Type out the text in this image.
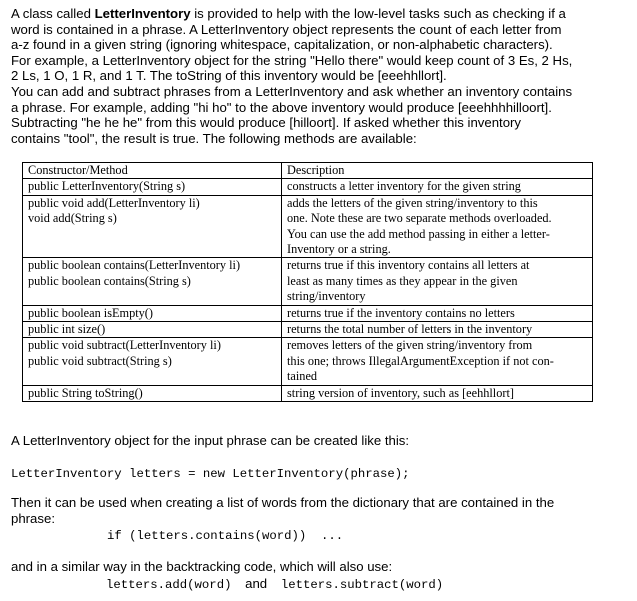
A class called LetterInventory is provided to help with the low-level tasks such as checking if a
word is contained in a phrase. A LetterInventory object represents the count of each letter from
a-z found in a given string (ignoring whitespace, capitalization, or non-alphabetic characters).
For example, a LetterInventory object for the string "Hello there" would keep count of 3 Es, 2 Hs,
2 Ls, 1 O, 1 R, and 1 T. The toString of this inventory would be [eeehhllort].
You can add and subtract phrases from a LetterInventory and ask whether an inventory contains
a phrase. For example, adding "hi ho" to the above inventory would produce [eeehhhhilloort].
Subtracting "he he he" from this would produce [hilloort]. If asked whether this inventory
contains "tool", the result is true. The following methods are available:
Constructor/Method	Description

public LetterInventory(String s)	constructs a letter inventory for the given string

public void add(LetterInventory li)
void add(String s)	adds the letters of the given string/inventory to this
one. Note these are two separate methods overloaded.
You can use the add method passing in either a letter-
Inventory or a string.

public boolean contains(LetterInventory li)
public boolean contains(String s)	returns true if this inventory contains all letters at
least as many times as they appear in the given
string/inventory

public boolean isEmpty()	returns true if the inventory contains no letters

public int size()	returns the total number of letters in the inventory

public void subtract(LetterInventory li)
public void subtract(String s)	removes letters of the given string/inventory from
this one; throws IllegalArgumentException if not con-
tained

public String toString()	string version of inventory, such as [eehhllort]

A LetterInventory object for the input phrase can be created like this:

LetterInventory letters = new LetterInventory(phrase);

Then it can be used when creating a list of words from the dictionary that are contained in the
phrase:

if (letters.contains(word))  ...

and in a similar way in the backtracking code, which will also use:

letters.add(word) and letters.subtract(word)
